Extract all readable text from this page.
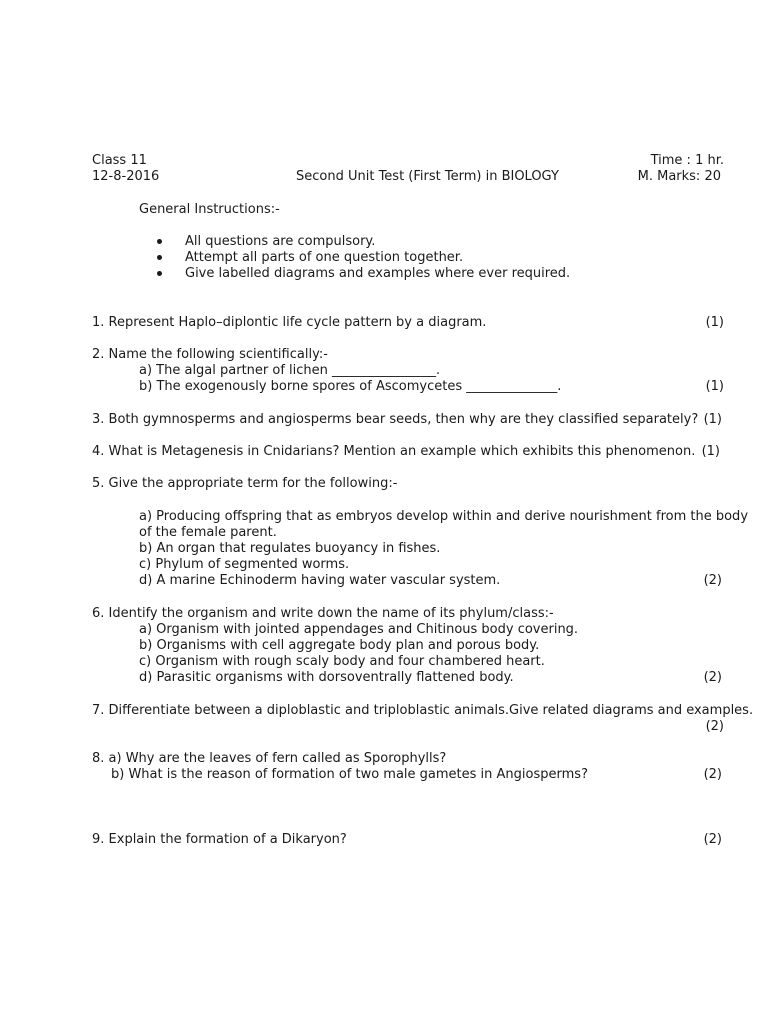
Class 11
12-8-2016	Second Unit Test (First Term) in BIOLOGY
Time : 1 hr.
M. Marks: 20
General Instructions:-
All questions are compulsory.
Attempt all parts of one question together.
Give labelled diagrams and examples where ever required.
1. Represent Haplo–diplontic life cycle pattern by a diagram.	(1)
2. Name the following scientifically:-
a) The algal partner of lichen ________________.
b) The exogenously borne spores of Ascomycetes ______________.	(1)
3. Both gymnosperms and angiosperms bear seeds, then why are they classified separately? (1)
4. What is Metagenesis in Cnidarians? Mention an example which exhibits this phenomenon. (1)
5. Give the appropriate term for the following:-
a) Producing offspring that as embryos develop within and derive nourishment from the body
of the female parent.
b) An organ that regulates buoyancy in fishes.
c) Phylum of segmented worms.
d) A marine Echinoderm having water vascular system.	(2)
6. Identify the organism and write down the name of its phylum/class:-
a) Organism with jointed appendages and Chitinous body covering.
b) Organisms with cell aggregate body plan and porous body.
c) Organism with rough scaly body and four chambered heart.
d) Parasitic organisms with dorsoventrally flattened body.	(2)
7. Differentiate between a diploblastic and triploblastic animals.Give related diagrams and examples.
(2)
8. a) Why are the leaves of fern called as Sporophylls?
b) What is the reason of formation of two male gametes in Angiosperms?	(2)
9. Explain the formation of a Dikaryon?	(2)
